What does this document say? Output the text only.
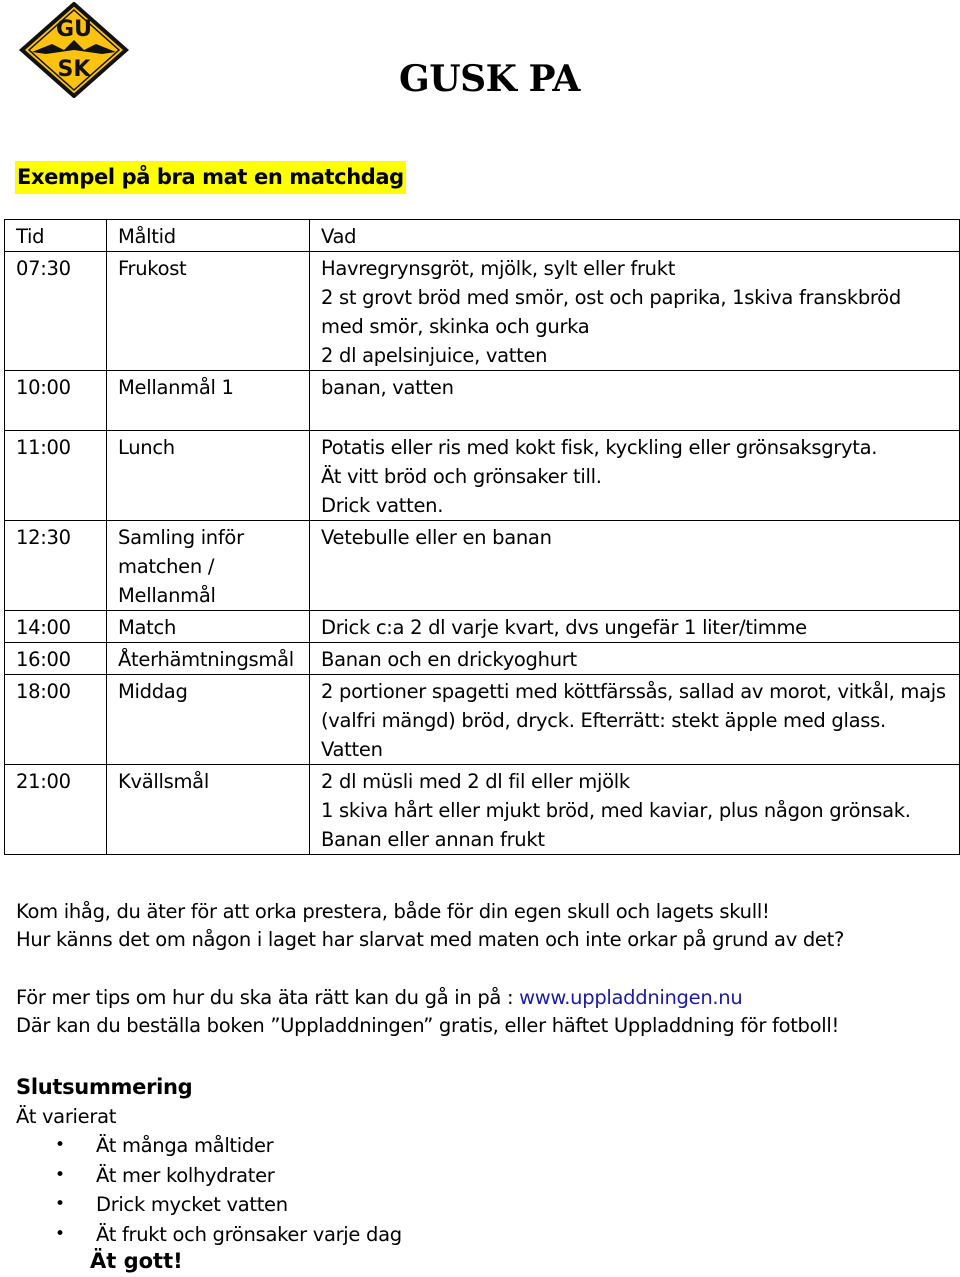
GU
SK	GUSK PA
Exempel på bra mat en matchdag
Tid	Måltid	Vad
07:30	Frukost	Havregrynsgröt, mjölk, sylt eller frukt
2 st grovt bröd med smör, ost och paprika, 1skiva franskbröd
med smör, skinka och gurka
2 dl apelsinjuice, vatten

10:00	Mellanmål 1	banan, vatten

11:00	Lunch	Potatis eller ris med kokt fisk, kyckling eller grönsaksgryta.
Ät vitt bröd och grönsaker till.
Drick vatten.

12:30	Samling inför matchen / Mellanmål	Vetebulle eller en banan

14:00	Match	Drick c:a 2 dl varje kvart, dvs ungefär 1 liter/timme

16:00	Återhämtningsmål	Banan och en drickyoghurt

18:00	Middag	2 portioner spagetti med köttfärssås, sallad av morot, vitkål, majs (valfri mängd) bröd, dryck. Efterrätt: stekt äpple med glass.
Vatten

21:00	Kvällsmål	2 dl müsli med 2 dl fil eller mjölk
1 skiva hårt eller mjukt bröd, med kaviar, plus någon grönsak.
Banan eller annan frukt
Kom ihåg, du äter för att orka prestera, både för din egen skull och lagets skull!
Hur känns det om någon i laget har slarvat med maten och inte orkar på grund av det?
För mer tips om hur du ska äta rätt kan du gå in på : www.uppladdningen.nu
Där kan du beställa boken ”Uppladdningen” gratis, eller häftet Uppladdning för fotboll!
Slutsummering
Ät varierat
• Ät många måltider
• Ät mer kolhydrater
• Drick mycket vatten
• Ät frukt och grönsaker varje dag
Ät gott!
